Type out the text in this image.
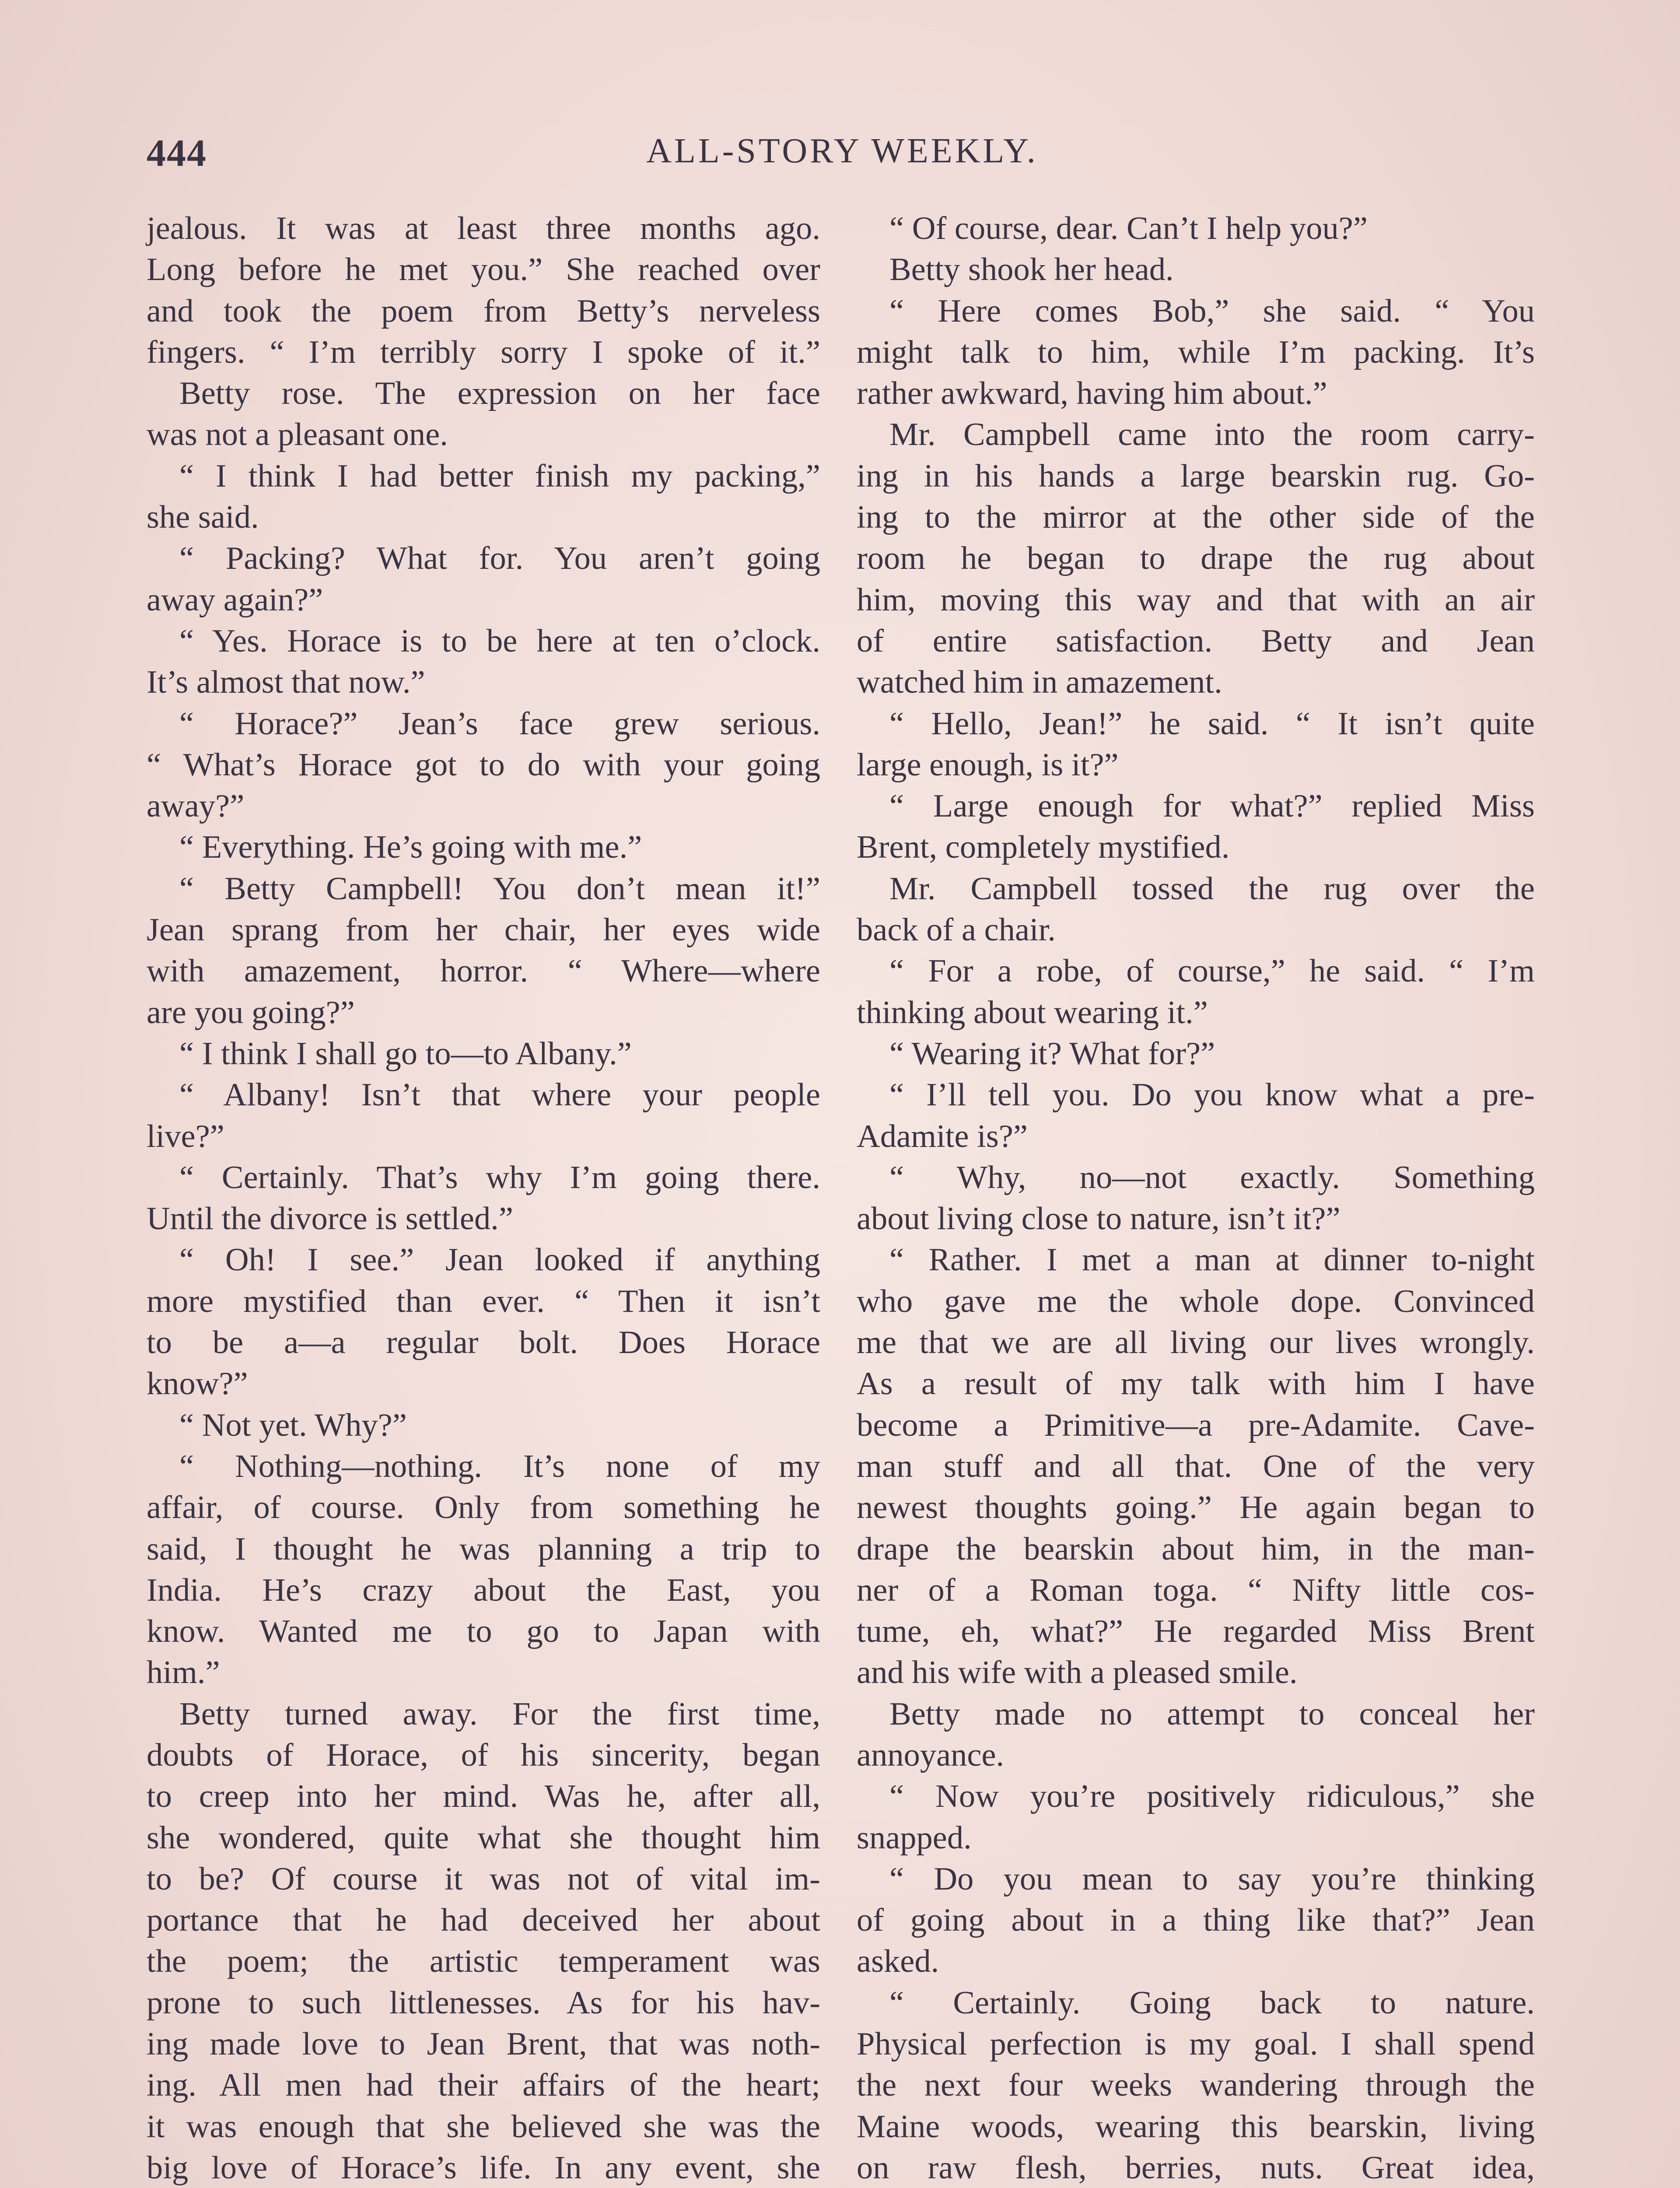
444	ALL-STORY WEEKLY.
jealous. It was at least three months ago.
Long before he met you.” She reached over
and took the poem from Betty’s nerveless
fingers. “ I’m terribly sorry I spoke of it.”
Betty rose. The expression on her face
was not a pleasant one.
“ I think I had better finish my packing,”
she said.
“ Packing? What for. You aren’t going
away again?”
“ Yes. Horace is to be here at ten o’clock.
It’s almost that now.”
“ Horace?” Jean’s face grew serious.
“ What’s Horace got to do with your going
away?”
“ Everything. He’s going with me.”
“ Betty Campbell! You don’t mean it!”
Jean sprang from her chair, her eyes wide
with amazement, horror. “ Where—where
are you going?”
“ I think I shall go to—to Albany.”
“ Albany! Isn’t that where your people
live?”
“ Certainly. That’s why I’m going there.
Until the divorce is settled.”
“ Oh! I see.” Jean looked if anything
more mystified than ever. “ Then it isn’t
to be a—a regular bolt. Does Horace
know?”
“ Not yet. Why?”
“ Nothing—nothing. It’s none of my
affair, of course. Only from something he
said, I thought he was planning a trip to
India. He’s crazy about the East, you
know. Wanted me to go to Japan with
him.”
Betty turned away. For the first time,
doubts of Horace, of his sincerity, began
to creep into her mind. Was he, after all,
she wondered, quite what she thought him
to be? Of course it was not of vital im-
portance that he had deceived her about
the poem; the artistic temperament was
prone to such littlenesses. As for his hav-
ing made love to Jean Brent, that was noth-
ing. All men had their affairs of the heart;
it was enough that she believed she was the
big love of Horace’s life. In any event, she
“ Of course, dear. Can’t I help you?”
Betty shook her head.
“ Here comes Bob,” she said. “ You
might talk to him, while I’m packing. It’s
rather awkward, having him about.”
Mr. Campbell came into the room carry-
ing in his hands a large bearskin rug. Go-
ing to the mirror at the other side of the
room he began to drape the rug about
him, moving this way and that with an air
of entire satisfaction. Betty and Jean
watched him in amazement.
“ Hello, Jean!” he said. “ It isn’t quite
large enough, is it?”
“ Large enough for what?” replied Miss
Brent, completely mystified.
Mr. Campbell tossed the rug over the
back of a chair.
“ For a robe, of course,” he said. “ I’m
thinking about wearing it.”
“ Wearing it? What for?”
“ I’ll tell you. Do you know what a pre-
Adamite is?”
“ Why, no—not exactly. Something
about living close to nature, isn’t it?”
“ Rather. I met a man at dinner to-night
who gave me the whole dope. Convinced
me that we are all living our lives wrongly.
As a result of my talk with him I have
become a Primitive—a pre-Adamite. Cave-
man stuff and all that. One of the very
newest thoughts going.” He again began to
drape the bearskin about him, in the man-
ner of a Roman toga. “ Nifty little cos-
tume, eh, what?” He regarded Miss Brent
and his wife with a pleased smile.
Betty made no attempt to conceal her
annoyance.
“ Now you’re positively ridiculous,” she
snapped.
“ Do you mean to say you’re thinking
of going about in a thing like that?” Jean
asked.
“ Certainly. Going back to nature.
Physical perfection is my goal. I shall spend
the next four weeks wandering through the
Maine woods, wearing this bearskin, living
on raw flesh, berries, nuts. Great idea,
